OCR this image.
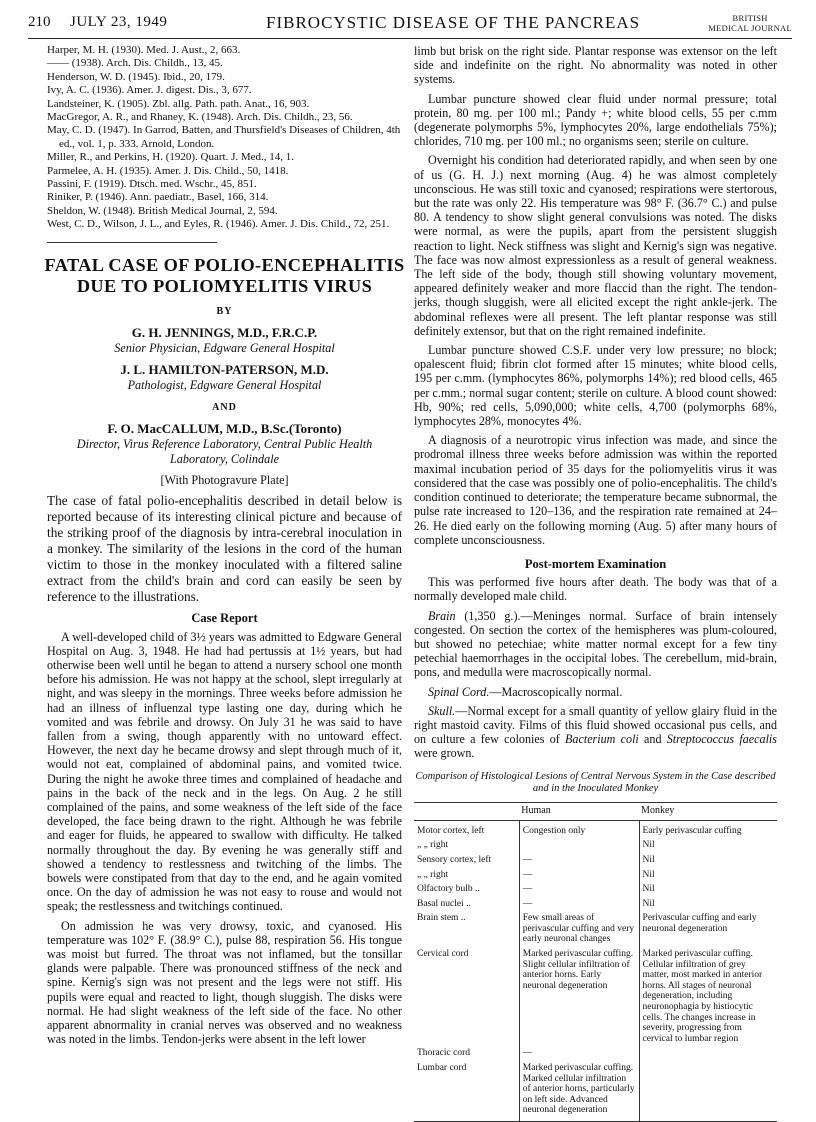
210 JULY 23, 1949	FIBROCYSTIC DISEASE OF THE PANCREAS	BRITISH
MEDICAL JOURNAL

Harper, M. H. (1930). Med. J. Aust., 2, 663.

—— (1938). Arch. Dis. Childh., 13, 45.

Henderson, W. D. (1945). Ibid., 20, 179.

Ivy, A. C. (1936). Amer. J. digest. Dis., 3, 677.

Landsteiner, K. (1905). Zbl. allg. Path. path. Anat., 16, 903.

MacGregor, A. R., and Rhaney, K. (1948). Arch. Dis. Childh., 23, 56.

May, C. D. (1947). In Garrod, Batten, and Thursfield's Diseases of Children, 4th ed., vol. 1, p. 333. Arnold, London.

Miller, R., and Perkins, H. (1920). Quart. J. Med., 14, 1.

Parmelee, A. H. (1935). Amer. J. Dis. Child., 50, 1418.

Passini, F. (1919). Dtsch. med. Wschr., 45, 851.

Riniker, P. (1946). Ann. paediatr., Basel, 166, 314.

Sheldon, W. (1948). British Medical Journal, 2, 594.

West, C. D., Wilson, J. L., and Eyles, R. (1946). Amer. J. Dis. Child., 72, 251.

FATAL CASE OF POLIO-ENCEPHALITIS DUE TO POLIOMYELITIS VIRUS
BY

G. H. JENNINGS, M.D., F.R.C.P.

Senior Physician, Edgware General Hospital

J. L. HAMILTON-PATERSON, M.D.

Pathologist, Edgware General Hospital

AND

F. O. MacCALLUM, M.D., B.Sc.(Toronto)

Director, Virus Reference Laboratory, Central Public Health Laboratory, Colindale

[With Photogravure Plate]

The case of fatal polio-encephalitis described in detail below is reported because of its interesting clinical picture and because of the striking proof of the diagnosis by intra-cerebral inoculation in a monkey. The similarity of the lesions in the cord of the human victim to those in the monkey inoculated with a filtered saline extract from the child's brain and cord can easily be seen by reference to the illustrations.

Case Report

A well-developed child of 3½ years was admitted to Edgware General Hospital on Aug. 3, 1948. He had had pertussis at 1½ years, but had otherwise been well until he began to attend a nursery school one month before his admission. He was not happy at the school, slept irregularly at night, and was sleepy in the mornings. Three weeks before admission he had an illness of influenzal type lasting one day, during which he vomited and was febrile and drowsy. On July 31 he was said to have fallen from a swing, though apparently with no untoward effect. However, the next day he became drowsy and slept through much of it, would not eat, complained of abdominal pains, and vomited twice. During the night he awoke three times and complained of headache and pains in the back of the neck and in the legs. On Aug. 2 he still complained of the pains, and some weakness of the left side of the face developed, the face being drawn to the right. Although he was febrile and eager for fluids, he appeared to swallow with difficulty. He talked normally throughout the day. By evening he was generally stiff and showed a tendency to restlessness and twitching of the limbs. The bowels were constipated from that day to the end, and he again vomited once. On the day of admission he was not easy to rouse and would not speak; the restlessness and twitchings continued.

On admission he was very drowsy, toxic, and cyanosed. His temperature was 102° F. (38.9° C.), pulse 88, respiration 56. His tongue was moist but furred. The throat was not inflamed, but the tonsillar glands were palpable. There was pronounced stiffness of the neck and spine. Kernig's sign was not present and the legs were not stiff. His pupils were equal and reacted to light, though sluggish. The disks were normal. He had slight weakness of the left side of the face. No other apparent abnormality in cranial nerves was observed and no weakness was noted in the limbs. Tendon-jerks were absent in the left lower

limb but brisk on the right side. Plantar response was extensor on the left side and indefinite on the right. No abnormality was noted in other systems.

Lumbar puncture showed clear fluid under normal pressure; total protein, 80 mg. per 100 ml.; Pandy +; white blood cells, 55 per c.mm (degenerate polymorphs 5%, lymphocytes 20%, large endothelials 75%); chlorides, 710 mg. per 100 ml.; no organisms seen; sterile on culture.

Overnight his condition had deteriorated rapidly, and when seen by one of us (G. H. J.) next morning (Aug. 4) he was almost completely unconscious. He was still toxic and cyanosed; respirations were stertorous, but the rate was only 22. His temperature was 98° F. (36.7° C.) and pulse 80. A tendency to show slight general convulsions was noted. The disks were normal, as were the pupils, apart from the persistent sluggish reaction to light. Neck stiffness was slight and Kernig's sign was negative. The face was now almost expressionless as a result of general weakness. The left side of the body, though still showing voluntary movement, appeared definitely weaker and more flaccid than the right. The tendon-jerks, though sluggish, were all elicited except the right ankle-jerk. The abdominal reflexes were all present. The left plantar response was still definitely extensor, but that on the right remained indefinite.

Lumbar puncture showed C.S.F. under very low pressure; no block; opalescent fluid; fibrin clot formed after 15 minutes; white blood cells, 195 per c.mm. (lymphocytes 86%, polymorphs 14%); red blood cells, 465 per c.mm.; normal sugar content; sterile on culture. A blood count showed: Hb, 90%; red cells, 5,090,000; white cells, 4,700 (polymorphs 68%, lymphocytes 28%, monocytes 4%.

A diagnosis of a neurotropic virus infection was made, and since the prodromal illness three weeks before admission was within the reported maximal incubation period of 35 days for the poliomyelitis virus it was considered that the case was possibly one of polio-encephalitis. The child's condition continued to deteriorate; the temperature became subnormal, the pulse rate increased to 120–136, and the respiration rate remained at 24–26. He died early on the following morning (Aug. 5) after many hours of complete unconsciousness.

Post-mortem Examination

This was performed five hours after death. The body was that of a normally developed male child.

Brain (1,350 g.).—Meninges normal. Surface of brain intensely congested. On section the cortex of the hemispheres was plum-coloured, but showed no petechiae; white matter normal except for a few tiny petechial haemorrhages in the occipital lobes. The cerebellum, mid-brain, pons, and medulla were macroscopically normal.

Spinal Cord.—Macroscopically normal.

Skull.—Normal except for a small quantity of yellow glairy fluid in the right mastoid cavity. Films of this fluid showed occasional pus cells, and on culture a few colonies of Bacterium coli and Streptococcus faecalis were grown.

Comparison of Histological Lesions of Central Nervous System in the Case described and in the Inoculated Monkey
	Human	Monkey
Motor cortex, left	Congestion only	Early perivascular cuffing
„ „ right		Nil
Sensory cortex, left	—	Nil
„ „ right	—	Nil
Olfactory bulb ..	—	Nil
Basal nuclei ..	—	Nil
Brain stem ..	Few small areas of perivascular cuffing and very early neuronal changes	Perivascular cuffing and early neuronal degeneration
Cervical cord	Marked perivascular cuffing. Slight cellular infiltration of anterior horns. Early neuronal degeneration	Marked perivascular cuffing. Cellular infiltration of grey matter, most marked in anterior horns. All stages of neuronal degeneration, including neuronophagia by histiocytic cells. The changes increase in severity, progressing from cervical to lumbar region
Thoracic cord	—	
Lumbar cord	Marked perivascular cuffing. Marked cellular infiltration of anterior horns, particularly on left side. Advanced neuronal degeneration	
